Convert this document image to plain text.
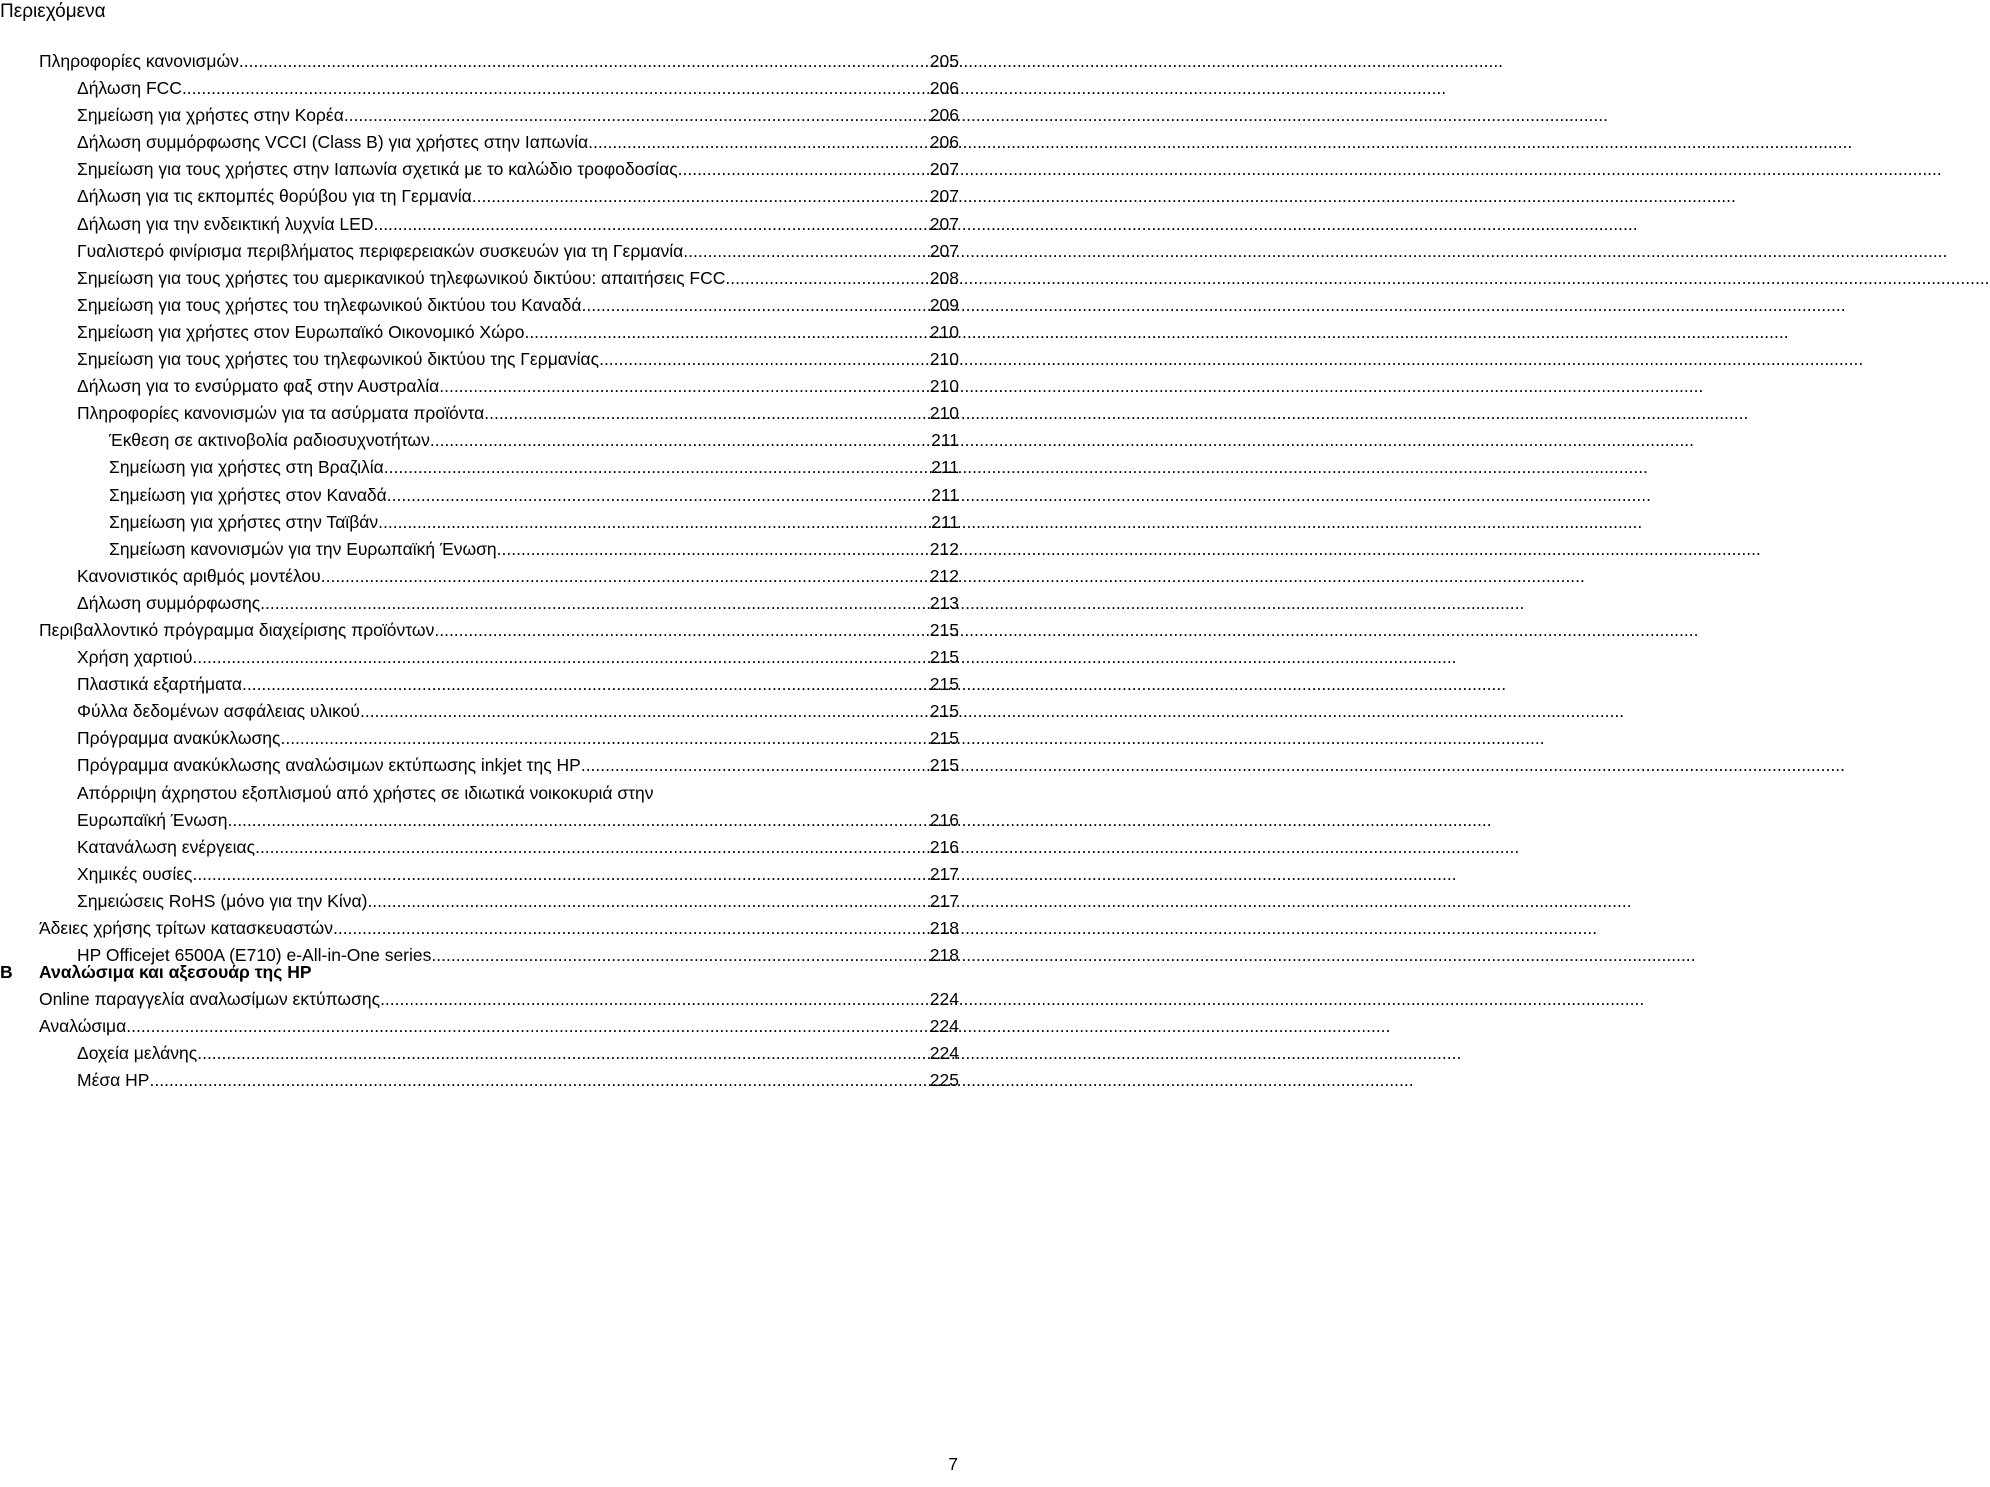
Περιεχόμενα
Πληροφορίες κανονισμών .....	205
Δήλωση FCC .....	206
Σημείωση για χρήστες στην Κορέα .....	206
Δήλωση συμμόρφωσης VCCI (Class B) για χρήστες στην Ιαπωνία .....	206
Σημείωση για τους χρήστες στην Ιαπωνία σχετικά με το καλώδιο τροφοδοσίας .....	207
Δήλωση για τις εκπομπές θορύβου για τη Γερμανία .....	207
Δήλωση για την ενδεικτική λυχνία LED .....	207
Γυαλιστερό φινίρισμα περιβλήματος περιφερειακών συσκευών για τη Γερμανία .....	207
Σημείωση για τους χρήστες του αμερικανικού τηλεφωνικού δικτύου: απαιτήσεις FCC .....	208
Σημείωση για τους χρήστες του τηλεφωνικού δικτύου του Καναδά .....	209
Σημείωση για χρήστες στον Ευρωπαϊκό Οικονομικό Χώρο .....	210
Σημείωση για τους χρήστες του τηλεφωνικού δικτύου της Γερμανίας .....	210
Δήλωση για το ενσύρματο φαξ στην Αυστραλία .....	210
Πληροφορίες κανονισμών για τα ασύρματα προϊόντα .....	210
Έκθεση σε ακτινοβολία ραδιοσυχνοτήτων .....	211
Σημείωση για χρήστες στη Βραζιλία .....	211
Σημείωση για χρήστες στον Καναδά .....	211
Σημείωση για χρήστες στην Ταϊβάν .....	211
Σημείωση κανονισμών για την Ευρωπαϊκή Ένωση .....	212
Κανονιστικός αριθμός μοντέλου .....	212
Δήλωση συμμόρφωσης .....	213
Περιβαλλοντικό πρόγραμμα διαχείρισης προϊόντων .....	215
Χρήση χαρτιού .....	215
Πλαστικά εξαρτήματα .....	215
Φύλλα δεδομένων ασφάλειας υλικού .....	215
Πρόγραμμα ανακύκλωσης .....	215
Πρόγραμμα ανακύκλωσης αναλώσιμων εκτύπωσης inkjet της HP .....	215
Απόρριψη άχρηστου εξοπλισμού από χρήστες σε ιδιωτικά νοικοκυριά στην
Ευρωπαϊκή Ένωση .....	216
Κατανάλωση ενέργειας .....	216
Χημικές ουσίες .....	217
Σημειώσεις RoHS (μόνο για την Κίνα) .....	217
Άδειες χρήσης τρίτων κατασκευαστών .....	218
HP Officejet 6500A (E710) e-All-in-One series .....	218
B	Αναλώσιμα και αξεσουάρ της HP
Online παραγγελία αναλωσίμων εκτύπωσης .....	224
Αναλώσιμα .....	224
Δοχεία μελάνης .....	224
Μέσα HP .....	225
7
